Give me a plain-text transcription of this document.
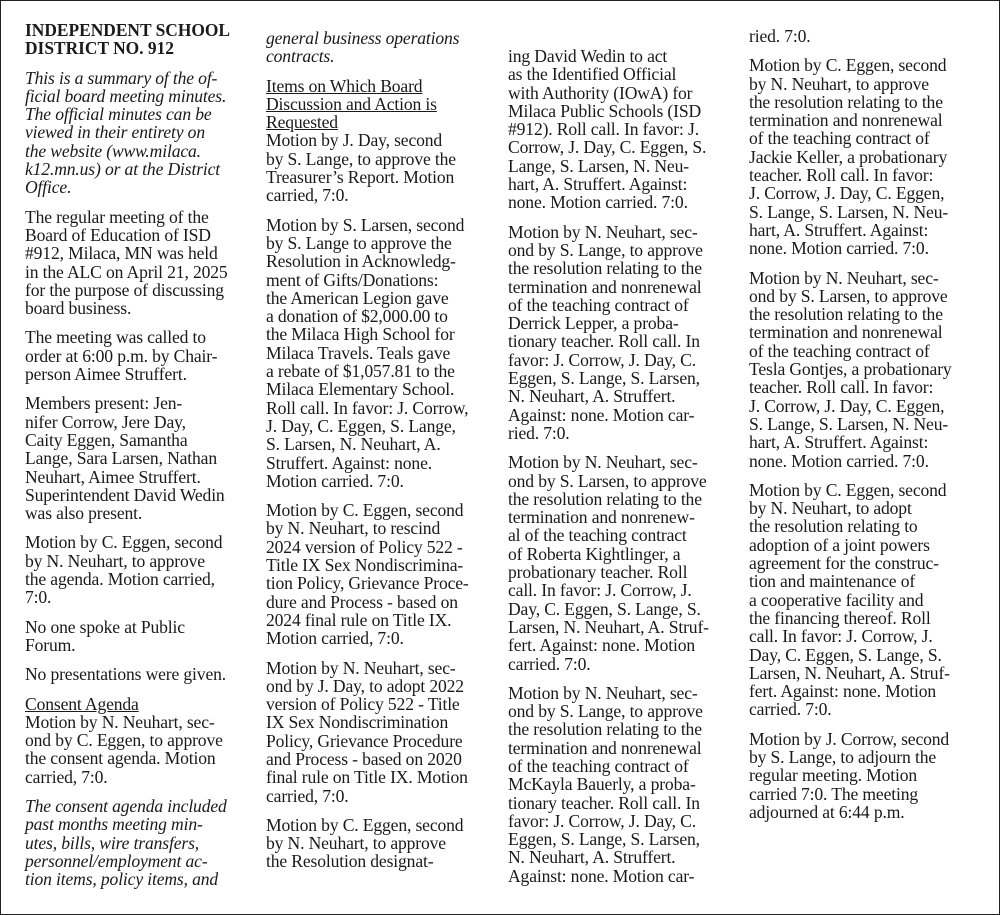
INDEPENDENT SCHOOL
DISTRICT NO. 912
This is a summary of the of-
ficial board meeting minutes.
The official minutes can be
viewed in their entirety on
the website (www.milaca.
k12.mn.us) or at the District
Office.
The regular meeting of the
Board of Education of ISD
#912, Milaca, MN was held
in the ALC on April 21, 2025
for the purpose of discussing
board business.
The meeting was called to
order at 6:00 p.m. by Chair-
person Aimee Struffert.
Members present: Jen-
nifer Corrow, Jere Day,
Caity Eggen, Samantha
Lange, Sara Larsen, Nathan
Neuhart, Aimee Struffert.
Superintendent David Wedin
was also present.
Motion by C. Eggen, second
by N. Neuhart, to approve
the agenda. Motion carried,
7:0.
No one spoke at Public
Forum.
No presentations were given.
Consent Agenda
Motion by N. Neuhart, sec-
ond by C. Eggen, to approve
the consent agenda. Motion
carried, 7:0.
The consent agenda included
past months meeting min-
utes, bills, wire transfers,
personnel/employment ac-
tion items, policy items, and
general business operations
contracts.
Items on Which Board
Discussion and Action is
Requested
Motion by J. Day, second
by S. Lange, to approve the
Treasurer’s Report. Motion
carried, 7:0.
Motion by S. Larsen, second
by S. Lange to approve the
Resolution in Acknowledg-
ment of Gifts/Donations:
the American Legion gave
a donation of $2,000.00 to
the Milaca High School for
Milaca Travels. Teals gave
a rebate of $1,057.81 to the
Milaca Elementary School.
Roll call. In favor: J. Corrow,
J. Day, C. Eggen, S. Lange,
S. Larsen, N. Neuhart, A.
Struffert. Against: none.
Motion carried. 7:0.
Motion by C. Eggen, second
by N. Neuhart, to rescind
2024 version of Policy 522 -
Title IX Sex Nondiscrimina-
tion Policy, Grievance Proce-
dure and Process - based on
2024 final rule on Title IX.
Motion carried, 7:0.
Motion by N. Neuhart, sec-
ond by J. Day, to adopt 2022
version of Policy 522 - Title
IX Sex Nondiscrimination
Policy, Grievance Procedure
and Process - based on 2020
final rule on Title IX. Motion
carried, 7:0.
Motion by C. Eggen, second
by N. Neuhart, to approve
the Resolution designat-
ing David Wedin to act
as the Identified Official
with Authority (IOwA) for
Milaca Public Schools (ISD
#912). Roll call. In favor: J.
Corrow, J. Day, C. Eggen, S.
Lange, S. Larsen, N. Neu-
hart, A. Struffert. Against:
none. Motion carried. 7:0.
Motion by N. Neuhart, sec-
ond by S. Lange, to approve
the resolution relating to the
termination and nonrenewal
of the teaching contract of
Derrick Lepper, a proba-
tionary teacher. Roll call. In
favor: J. Corrow, J. Day, C.
Eggen, S. Lange, S. Larsen,
N. Neuhart, A. Struffert.
Against: none. Motion car-
ried. 7:0.
Motion by N. Neuhart, sec-
ond by S. Larsen, to approve
the resolution relating to the
termination and nonrenew-
al of the teaching contract
of Roberta Kightlinger, a
probationary teacher. Roll
call. In favor: J. Corrow, J.
Day, C. Eggen, S. Lange, S.
Larsen, N. Neuhart, A. Struf-
fert. Against: none. Motion
carried. 7:0.
Motion by N. Neuhart, sec-
ond by S. Lange, to approve
the resolution relating to the
termination and nonrenewal
of the teaching contract of
McKayla Bauerly, a proba-
tionary teacher. Roll call. In
favor: J. Corrow, J. Day, C.
Eggen, S. Lange, S. Larsen,
N. Neuhart, A. Struffert.
Against: none. Motion car-
ried. 7:0.
Motion by C. Eggen, second
by N. Neuhart, to approve
the resolution relating to the
termination and nonrenewal
of the teaching contract of
Jackie Keller, a probationary
teacher. Roll call. In favor:
J. Corrow, J. Day, C. Eggen,
S. Lange, S. Larsen, N. Neu-
hart, A. Struffert. Against:
none. Motion carried. 7:0.
Motion by N. Neuhart, sec-
ond by S. Larsen, to approve
the resolution relating to the
termination and nonrenewal
of the teaching contract of
Tesla Gontjes, a probationary
teacher. Roll call. In favor:
J. Corrow, J. Day, C. Eggen,
S. Lange, S. Larsen, N. Neu-
hart, A. Struffert. Against:
none. Motion carried. 7:0.
Motion by C. Eggen, second
by N. Neuhart, to adopt
the resolution relating to
adoption of a joint powers
agreement for the construc-
tion and maintenance of
a cooperative facility and
the financing thereof. Roll
call. In favor: J. Corrow, J.
Day, C. Eggen, S. Lange, S.
Larsen, N. Neuhart, A. Struf-
fert. Against: none. Motion
carried. 7:0.
Motion by J. Corrow, second
by S. Lange, to adjourn the
regular meeting. Motion
carried 7:0. The meeting
adjourned at 6:44 p.m.
